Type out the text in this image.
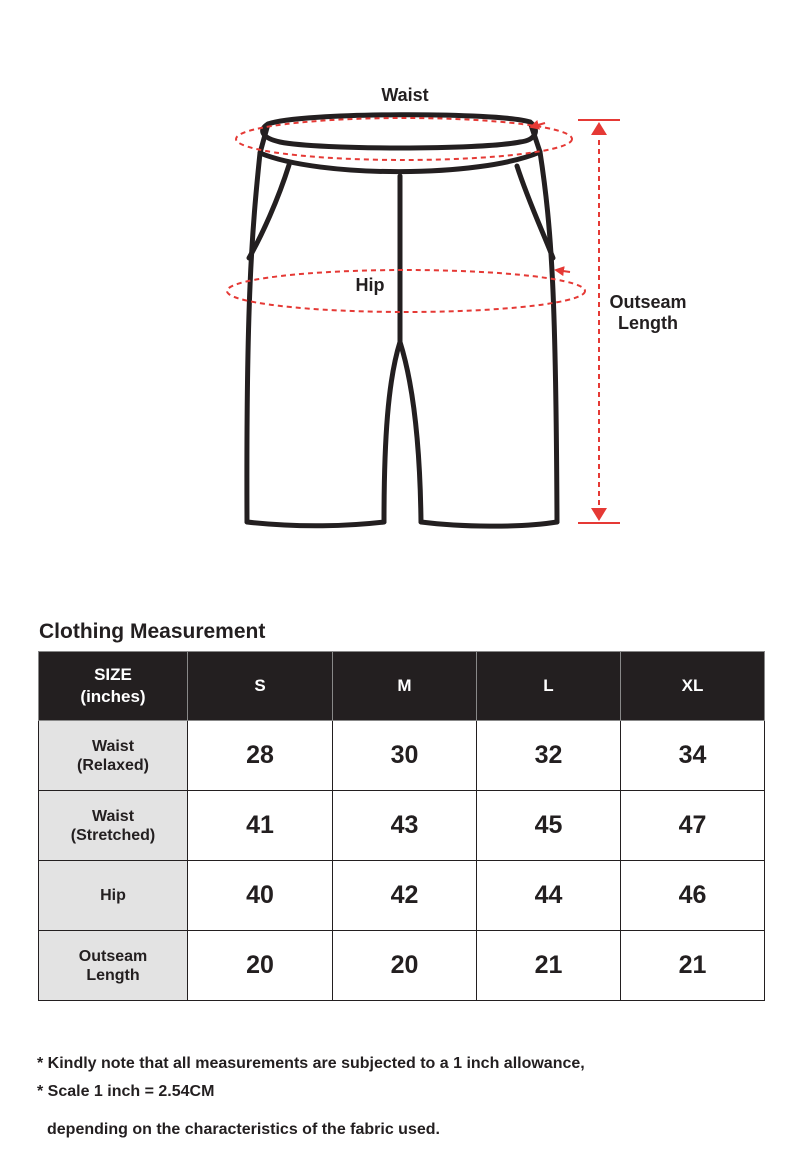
Waist
Hip
Outseam
Length
Clothing Measurement
SIZE
(inches)	S	M	L	XL

Waist
(Relaxed)	28	30	32	34

Waist
(Stretched)	41	43	45	47

Hip	40	42	44	46

Outseam
Length	20	20	21	21

* Kindly note that all measurements are subjected to a 1 inch allowance,

depending on the characteristics of the fabric used.

* Scale 1 inch = 2.54CM
